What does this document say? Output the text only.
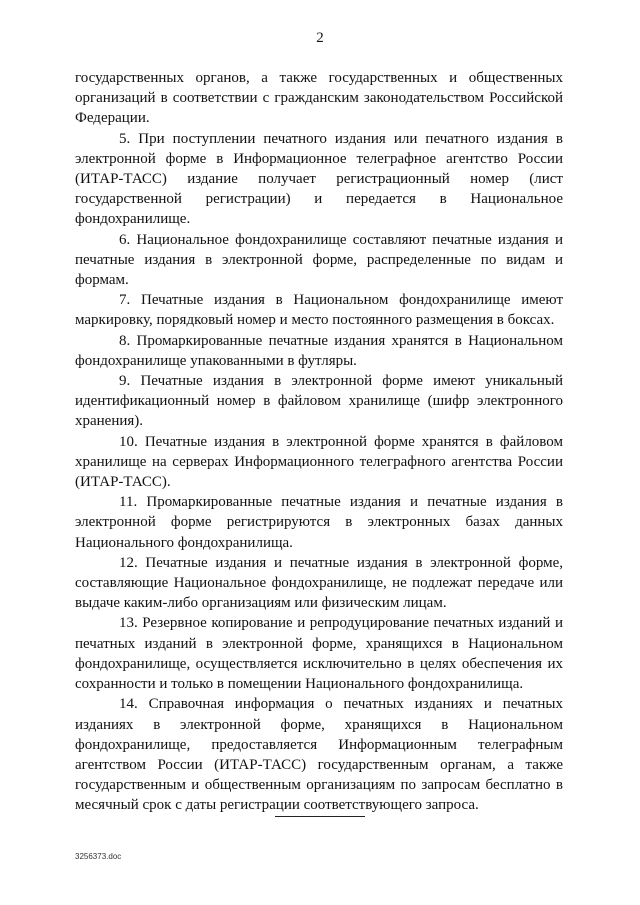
2

государственных органов, а также государственных и общественных организаций в соответствии с гражданским законодательством Российской Федерации.

5. При поступлении печатного издания или печатного издания в электронной форме в Информационное телеграфное агентство России (ИТАР-ТАСС) издание получает регистрационный номер (лист государственной регистрации) и передается в Национальное фондохранилище.

6. Национальное фондохранилище составляют печатные издания и печатные издания в электронной форме, распределенные по видам и формам.

7. Печатные издания в Национальном фондохранилище имеют маркировку, порядковый номер и место постоянного размещения в боксах.

8. Промаркированные печатные издания хранятся в Национальном фондохранилище упакованными в футляры.

9. Печатные издания в электронной форме имеют уникальный идентификационный номер в файловом хранилище (шифр электронного хранения).

10. Печатные издания в электронной форме хранятся в файловом хранилище на серверах Информационного телеграфного агентства России (ИТАР-ТАСС).

11. Промаркированные печатные издания и печатные издания в электронной форме регистрируются в электронных базах данных Национального фондохранилища.

12. Печатные издания и печатные издания в электронной форме, составляющие Национальное фондохранилище, не подлежат передаче или выдаче каким-либо организациям или физическим лицам.

13. Резервное копирование и репродуцирование печатных изданий и печатных изданий в электронной форме, хранящихся в Национальном фондохранилище, осуществляется исключительно в целях обеспечения их сохранности и только в помещении Национального фондохранилища.

14. Справочная информация о печатных изданиях и печатных изданиях в электронной форме, хранящихся в Национальном фондохранилище, предоставляется Информационным телеграфным агентством России (ИТАР-ТАСС) государственным органам, а также государственным и общественным организациям по запросам бесплатно в месячный срок с даты регистрации соответствующего запроса.

3256373.doc
